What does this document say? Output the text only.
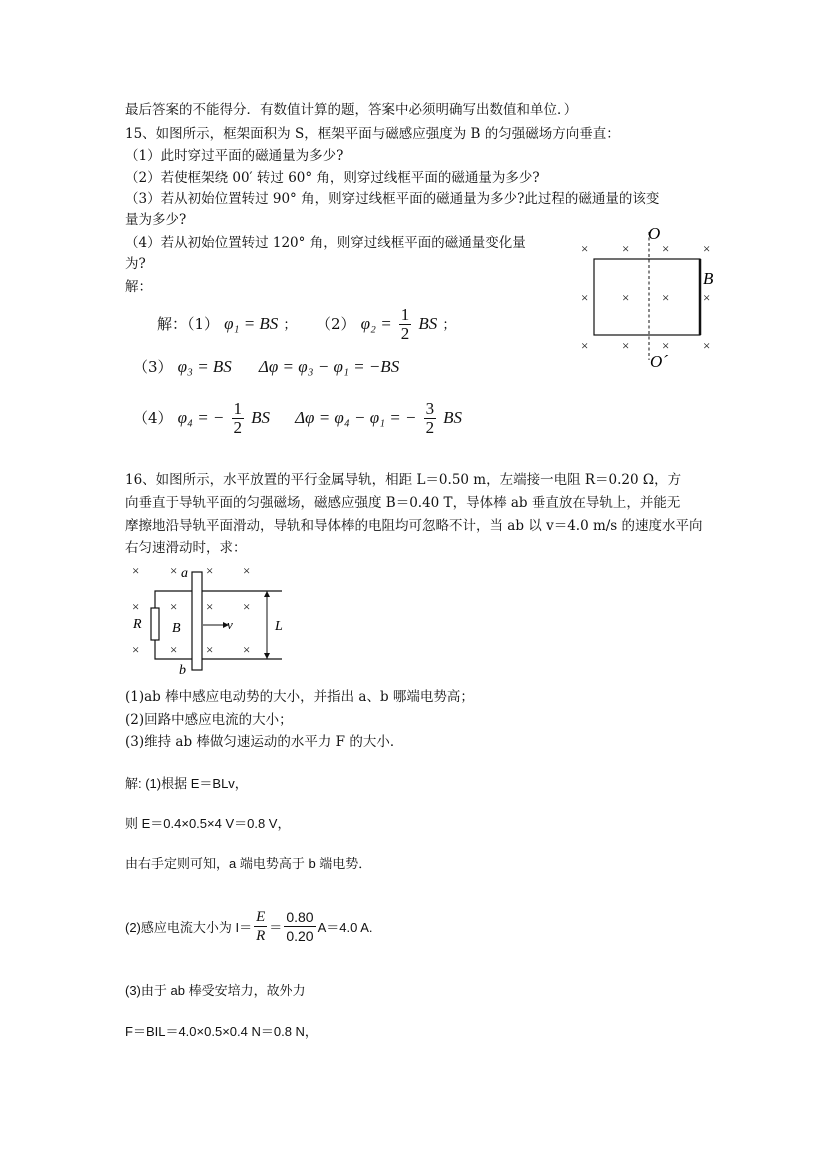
最后答案的不能得分．有数值计算的题，答案中必须明确写出数值和单位．）
15、如图所示，框架面积为 S，框架平面与磁感应强度为 B 的匀强磁场方向垂直：
（1）此时穿过平面的磁通量为多少?
（2）若使框架绕 00′ 转过 60° 角，则穿过线框平面的磁通量为多少?
（3）若从初始位置转过 90° 角，则穿过线框平面的磁通量为多少?此过程的磁通量的该变
量为多少?
（4）若从初始位置转过 120° 角，则穿过线框平面的磁通量变化量
为?
解：
O
O´
B
×	×	×	×
×	×	×	×
×	×	×	×
解：（1） φ₁ = BS ； （2） $\varphi_2 = \frac{1}{2}$ BS ；
（3） φ₃ = BS Δφ = φ₃ − φ₁ = −BS
（4） φ₄ = − $\frac{1}{2}$ BS Δφ = φ₄ − φ₁ = − $\frac{3}{2}$ BS
16、如图所示，水平放置的平行金属导轨，相距 L＝0.50 m，左端接一电阻 R＝0.20 Ω，方
向垂直于导轨平面的匀强磁场，磁感应强度 B＝0.40 T，导体棒 ab 垂直放在导轨上，并能无
摩擦地沿导轨平面滑动，导轨和导体棒的电阻均可忽略不计，当 ab 以 v＝4.0 m/s 的速度水平向
右匀速滑动时，求：
a
b
R B	v	L
× × × ×
× × × ×
× × × ×
(1)ab 棒中感应电动势的大小，并指出 a、b 哪端电势高；
(2)回路中感应电流的大小；
(3)维持 ab 棒做匀速运动的水平力 F 的大小．
解: (1)根据 E＝BLv，
则 E＝0.4×0.5×4 V＝0.8 V，
由右手定则可知，a 端电势高于 b 端电势．
(2)感应电流大小为 $I= \frac{E}{R} = \frac{0.80}{0.20} A=4.0$ A.
(3)由于 ab 棒受安培力，故外力
F＝BIL＝4.0×0.5×0.4 N＝0.8 N，
